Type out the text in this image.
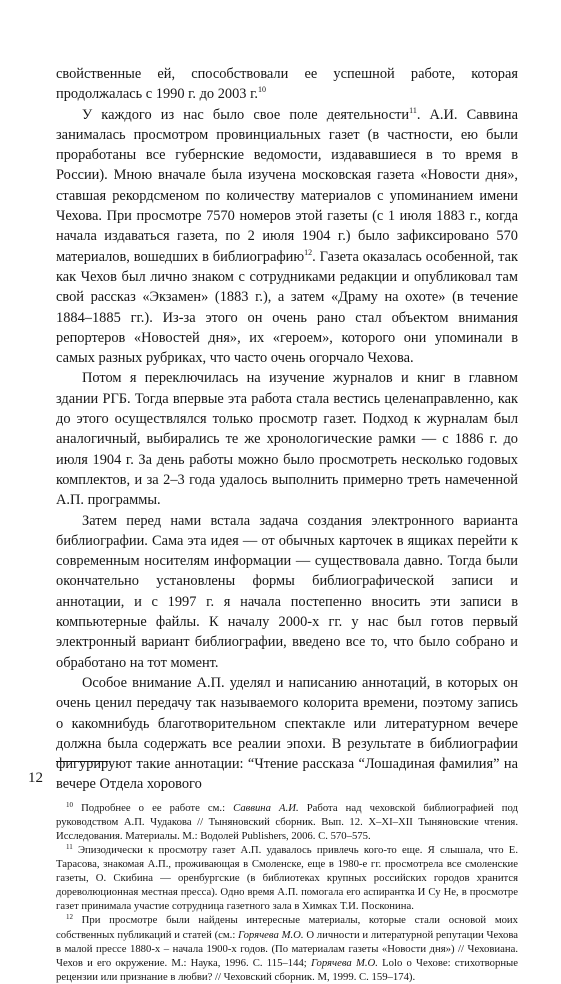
свойственные ей, способствовали ее успешной работе, которая продолжалась с 1990 г. до 2003 г.$^{10}$

У каждого из нас было свое поле деятельности$^{11}$. А.И. Саввина занималась просмотром провинциальных газет (в частности, ею были проработаны все губернские ведомости, издававшиеся в то время в России). Мною вначале была изучена московская газета «Новости дня», ставшая рекордсменом по количеству материалов с упоминанием имени Чехова. При просмотре 7570 номеров этой газеты (с 1 июля 1883 г., когда начала издаваться газета, по 2 июля 1904 г.) было зафиксировано 570 материалов, вошедших в библиографию$^{12}$. Газета оказалась особенной, так как Чехов был лично знаком с сотрудниками редакции и опубликовал там свой рассказ «Экзамен» (1883 г.), а затем «Драму на охоте» (в течение 1884–1885 гг.). Из-за этого он очень рано стал объектом внимания репортеров «Новостей дня», их «героем», которого они упоминали в самых разных рубриках, что часто очень огорчало Чехова.

Потом я переключилась на изучение журналов и книг в главном здании РГБ. Тогда впервые эта работа стала вестись целенаправленно, как до этого осуществлялся только просмотр газет. Подход к журналам был аналогичный, выбирались те же хронологические рамки — с 1886 г. до июля 1904 г. За день работы можно было просмотреть несколько годовых комплектов, и за 2–3 года удалось выполнить примерно треть намеченной А.П. программы.

Затем перед нами встала задача создания электронного варианта библиографии. Сама эта идея — от обычных карточек в ящиках перейти к современным носителям информации — существовала давно. Тогда были окончательно установлены формы библиографической записи и аннотации, и с 1997 г. я начала постепенно вносить эти записи в компьютерные файлы. К началу 2000-х гг. у нас был готов первый электронный вариант библиографии, введено все то, что было собрано и обработано на тот момент.

Особое внимание А.П. уделял и написанию аннотаций, в которых он очень ценил передачу так называемого колорита времени, поэтому запись о какомнибудь благотворительном спектакле или литературном вечере должна была содержать все реалии эпохи. В результате в библиографии фигурируют такие аннотации: “Чтение рассказа “Лошадиная фамилия” на вечере Отдела хорового

$^{10}$ Подробнее о ее работе см.: Саввина А.И. Работа над чеховской библиографией под руководством А.П. Чудакова // Тыняновский сборник. Вып. 12. X–XI–XII Тыняновские чтения. Исследования. Материалы. М.: Водолей Publishers, 2006. С. 570–575.

$^{11}$ Эпизодически к просмотру газет А.П. удавалось привлечь кого-то еще. Я слышала, что Е. Тарасова, знакомая А.П., проживающая в Смоленске, еще в 1980-е гг. просмотрела все смоленские газеты, О. Скибина — оренбургские (в библиотеках крупных российских городов хранится дореволюционная местная пресса). Одно время А.П. помогала его аспирантка И Су Не, в просмотре газет принимала участие сотрудница газетного зала в Химках Т.И. Посконина.

$^{12}$ При просмотре были найдены интересные материалы, которые стали основой моих собственных публикаций и статей (см.: Горячева М.О. О личности и литературной репутации Чехова в малой прессе 1880-х – начала 1900-х годов. (По материалам газеты «Новости дня») // Чеховиана. Чехов и его окружение. М.: Наука, 1996. С. 115–144; Горячева М.О. Lolo о Чехове: стихотворные рецензии или признание в любви? // Чеховский сборник. М, 1999. С. 159–174).

12
